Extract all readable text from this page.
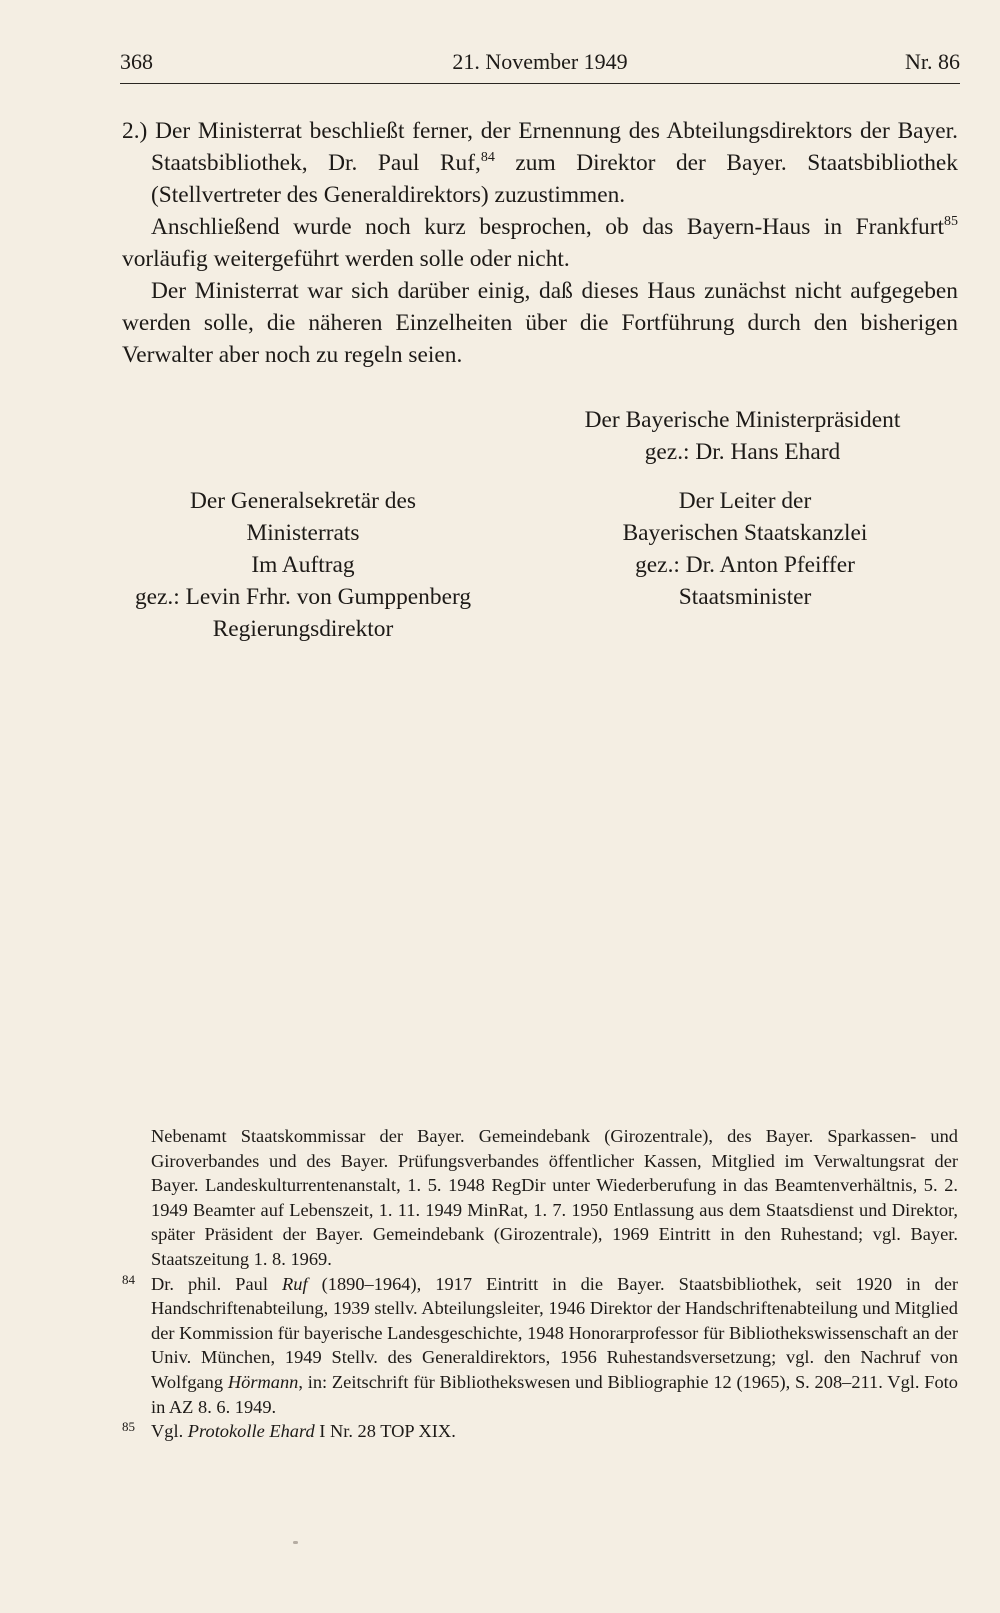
368	21. November 1949	Nr. 86

2.) Der Ministerrat beschließt ferner, der Ernennung des Abteilungsdirektors der Bayer. Staatsbibliothek, Dr. Paul Ruf,$^{84}$ zum Direktor der Bayer. Staatsbibliothek (Stellvertreter des Generaldirektors) zuzustimmen.

Anschließend wurde noch kurz besprochen, ob das Bayern-Haus in Frankfurt$^{85}$ vorläufig weitergeführt werden solle oder nicht.

Der Ministerrat war sich darüber einig, daß dieses Haus zunächst nicht aufgegeben werden solle, die näheren Einzelheiten über die Fortführung durch den bisherigen Verwalter aber noch zu regeln seien.

Der Bayerische Ministerpräsident
gez.: Dr. Hans Ehard
Der Generalsekretär des
Ministerrats
Im Auftrag
gez.: Levin Frhr. von Gumppenberg
Regierungsdirektor
Der Leiter der
Bayerischen Staatskanzlei
gez.: Dr. Anton Pfeiffer
Staatsminister

Nebenamt Staatskommissar der Bayer. Gemeindebank (Girozentrale), des Bayer. Sparkassen- und Giroverbandes und des Bayer. Prüfungsverbandes öffentlicher Kassen, Mitglied im Verwaltungsrat der Bayer. Landeskulturrentenanstalt, 1. 5. 1948 RegDir unter Wiederberufung in das Beamtenverhältnis, 5. 2. 1949 Beamter auf Lebenszeit, 1. 11. 1949 MinRat, 1. 7. 1950 Entlassung aus dem Staatsdienst und Direktor, später Präsident der Bayer. Gemeindebank (Girozentrale), 1969 Eintritt in den Ruhestand; vgl. Bayer. Staatszeitung 1. 8. 1969.

84 Dr. phil. Paul Ruf (1890–1964), 1917 Eintritt in die Bayer. Staatsbibliothek, seit 1920 in der Handschriftenabteilung, 1939 stellv. Abteilungsleiter, 1946 Direktor der Handschriftenabteilung und Mitglied der Kommission für bayerische Landesgeschichte, 1948 Honorarprofessor für Bibliothekswissenschaft an der Univ. München, 1949 Stellv. des Generaldirektors, 1956 Ruhestandsversetzung; vgl. den Nachruf von Wolfgang Hörmann, in: Zeitschrift für Bibliothekswesen und Bibliographie 12 (1965), S. 208–211. Vgl. Foto in AZ 8. 6. 1949.

85 Vgl. Protokolle Ehard I Nr. 28 TOP XIX.
